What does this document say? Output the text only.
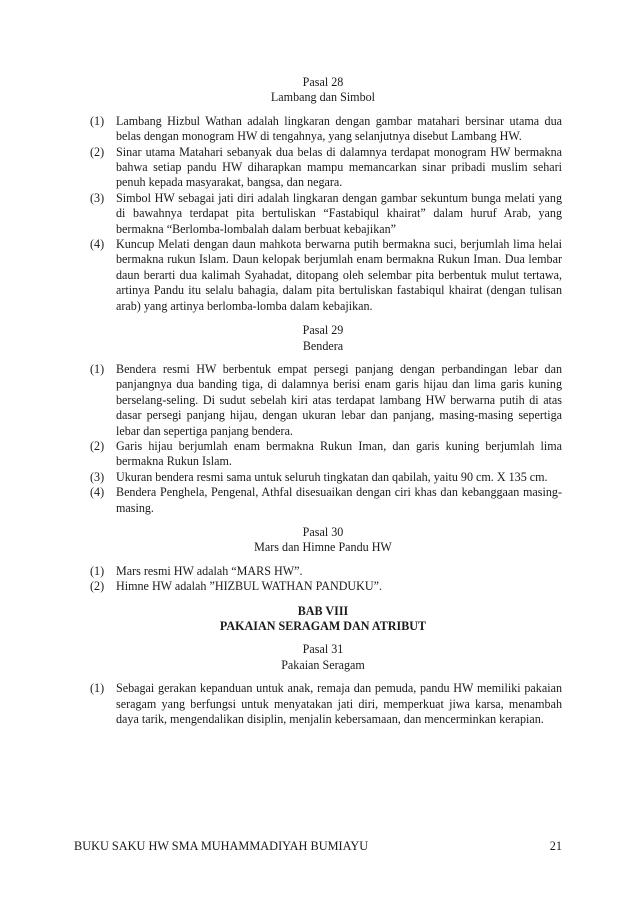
Pasal 28
Lambang dan Simbol
(1) Lambang Hizbul Wathan adalah lingkaran dengan gambar matahari bersinar utama dua belas dengan monogram HW di tengahnya, yang selanjutnya disebut Lambang HW.
(2) Sinar utama Matahari sebanyak dua belas di dalamnya terdapat monogram HW bermakna bahwa setiap pandu HW diharapkan mampu memancarkan sinar pribadi muslim sehari penuh kepada masyarakat, bangsa, dan negara.
(3) Simbol HW sebagai jati diri adalah lingkaran dengan gambar sekuntum bunga melati yang di bawahnya terdapat pita bertuliskan “Fastabiqul khairat” dalam huruf Arab, yang bermakna “Berlomba-lombalah dalam berbuat kebajikan”
(4) Kuncup Melati dengan daun mahkota berwarna putih bermakna suci, berjumlah lima helai bermakna rukun Islam. Daun kelopak berjumlah enam bermakna Rukun Iman. Dua lembar daun berarti dua kalimah Syahadat, ditopang oleh selembar pita berbentuk mulut tertawa, artinya Pandu itu selalu bahagia, dalam pita bertuliskan fastabiqul khairat (dengan tulisan arab) yang artinya berlomba-lomba dalam kebajikan.
Pasal 29
Bendera
(1) Bendera resmi HW berbentuk empat persegi panjang dengan perbandingan lebar dan panjangnya dua banding tiga, di dalamnya berisi enam garis hijau dan lima garis kuning berselang-seling. Di sudut sebelah kiri atas terdapat lambang HW berwarna putih di atas dasar persegi panjang hijau, dengan ukuran lebar dan panjang, masing-masing sepertiga lebar dan sepertiga panjang bendera.
(2) Garis hijau berjumlah enam bermakna Rukun Iman, dan garis kuning berjumlah lima bermakna Rukun Islam.
(3) Ukuran bendera resmi sama untuk seluruh tingkatan dan qabilah, yaitu 90 cm. X 135 cm.
(4) Bendera Penghela, Pengenal, Athfal disesuaikan dengan ciri khas dan kebanggaan masing-masing.
Pasal 30
Mars dan Himne Pandu HW
(1) Mars resmi HW adalah “MARS HW”.
(2) Himne HW adalah ”HIZBUL WATHAN PANDUKU”.
BAB VIII
PAKAIAN SERAGAM DAN ATRIBUT
Pasal 31
Pakaian Seragam
(1) Sebagai gerakan kepanduan untuk anak, remaja dan pemuda, pandu HW memiliki pakaian seragam yang berfungsi untuk menyatakan jati diri, memperkuat jiwa karsa, menambah daya tarik, mengendalikan disiplin, menjalin kebersamaan, dan mencerminkan kerapian.
BUKU SAKU HW SMA MUHAMMADIYAH BUMIAYU	21
